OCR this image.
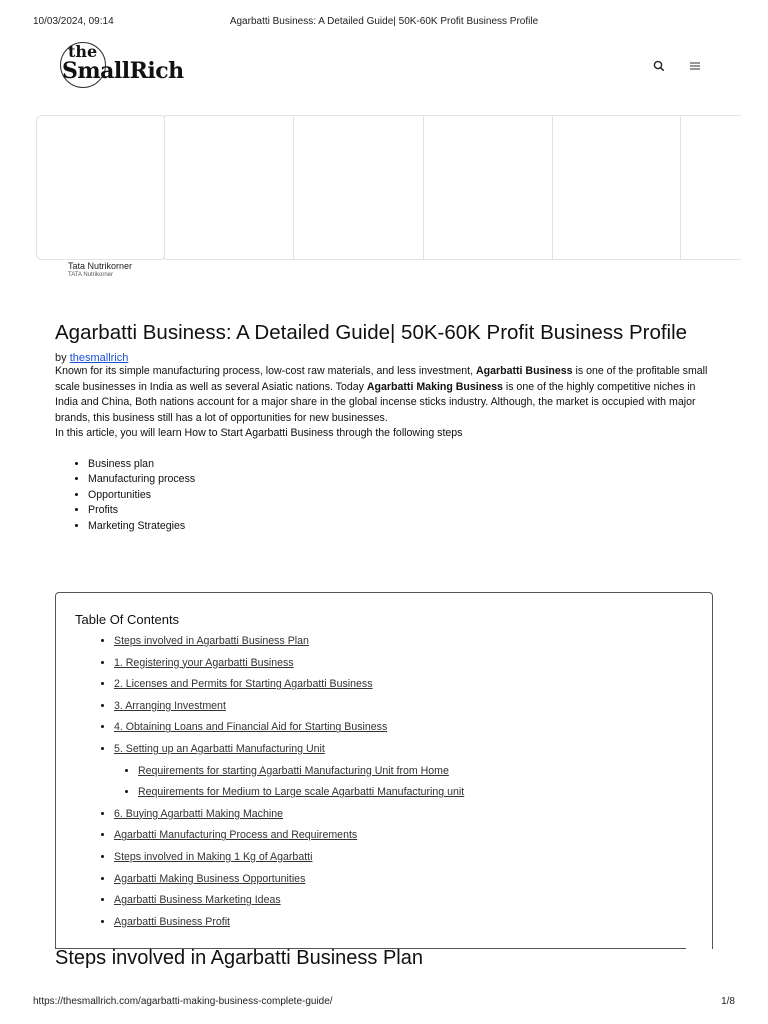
10/03/2024, 09:14	Agarbatti Business: A Detailed Guide| 50K-60K Profit Business Profile
the
SmallRich
Tata Nutrikorner
TATA Nutrikorner
Agarbatti Business: A Detailed Guide| 50K-60K Profit Business Profile
by thesmallrich

Known for its simple manufacturing process, low-cost raw materials, and less investment, Agarbatti Business is one of the profitable small scale businesses in India as well as several Asiatic nations. Today Agarbatti Making Business is one of the highly competitive niches in India and China, Both nations account for a major share in the global incense sticks industry. Although, the market is occupied with major brands, this business still has a lot of opportunities for new businesses.

In this article, you will learn How to Start Agarbatti Business through the following steps

• Business plan
• Manufacturing process
• Opportunities
• Profits
• Marketing Strategies
Table Of Contents
• Steps involved in Agarbatti Business Plan
• 1. Registering your Agarbatti Business
• 2. Licenses and Permits for Starting Agarbatti Business
• 3. Arranging Investment
• 4. Obtaining Loans and Financial Aid for Starting Business
• 5. Setting up an Agarbatti Manufacturing Unit
• Requirements for starting Agarbatti Manufacturing Unit from Home
• Requirements for Medium to Large scale Agarbatti Manufacturing unit
• 6. Buying Agarbatti Making Machine
• Agarbatti Manufacturing Process and Requirements
• Steps involved in Making 1 Kg of Agarbatti
• Agarbatti Making Business Opportunities
• Agarbatti Business Marketing Ideas
• Agarbatti Business Profit
Steps involved in Agarbatti Business Plan
https://thesmallrich.com/agarbatti-making-business-complete-guide/	1/8
